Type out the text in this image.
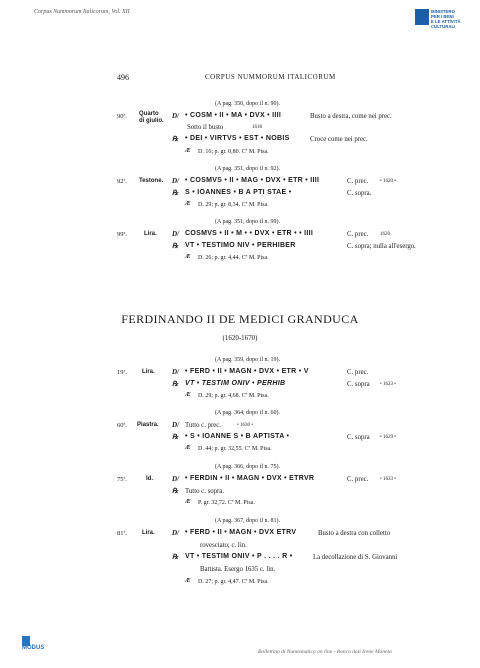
Corpus Nummorum Italicorum, Vol. XII	MINISTERO
PER I BENI
E LE ATTIVITÀ
CULTURALI
496	CORPUS NUMMORUM ITALICORUM
(A pag. 350, dopo il n. 90).
90ª. Quarto
di giulio.
D/ • COSM • II • MA • DVX • IIII	Busto a destra, come nei prec.
Sotto il busto	1618
℞ • DEI • VIRTVS • EST • NOBIS	Croce come nei prec.
Æ D. 16; p. gr. 0,80. Cª M. Pisa.
(A pag. 351, dopo il n. 92).
92ª. Testone. D/ • COSMVS • II • MAG • DVX • ETR • IIII	C. prec. • 1620 •
℞ S • IOANNES • B A PTI STAE •	C. sopra.
Æ D. 29; p. gr. 8,34. Cª M. Pisa.
(A pag. 351, dopo il n. 99).
99ª.	Lira. D/ COSMVS • II • M • • DVX • ETR • • IIII	C. prec. 1620
℞ VT • TESTIMO NIV • PERHIBER	C. sopra; nulla all'esergo.
Æ D. 26; p. gr. 4,44. Cª M. Pisa.
FERDINANDO II DE MEDICI GRANDUCA
(1620-1670)
(A pag. 359, dopo il n. 19).
19ª.	Lira. D/ • FERD • II • MAGN • DVX • ETR • V	C. prec.
℞ VT • TESTIM ONIV • PERHIB	C. sopra • 1623 •
Æ D. 29; p. gr. 4,68. Cª M. Pisa.
(A pag. 364, dopo il n. 60).
60ª. Piastra. D/ Tutto c. prec.	• 1630 •
℞ • S • IOANNE S • B APTISTA •	C. sopra • 1629 •
Æ D. 44; p. gr. 32,55. Cª M. Pisa.
(A pag. 366, dopo il n. 75).
75ª.	Id.	D/ • FERDIN • II • MAGN • DVX • ETRVR	C. prec. • 1633 •
℞ Tutto c. sopra.
Æ P. gr. 32,72. Cª M. Pisa.
(A pag. 367, dopo il n. 81).
81ª.	Lira. D/ • FERD • II • MAGN • DVX ETRV	Busto a destra con colletto
rovesciato; c. lin.
℞ VT • TESTIM ONIV • P . . . . R •	La decollazione di S. Giovanni
Battista. Esergo 1635 c. lin.
Æ D. 27; p. gr. 4,47. Cª M. Pisa.
MODUS
Bollettino di Numismatica on line - Banca dati Irene Moneta
